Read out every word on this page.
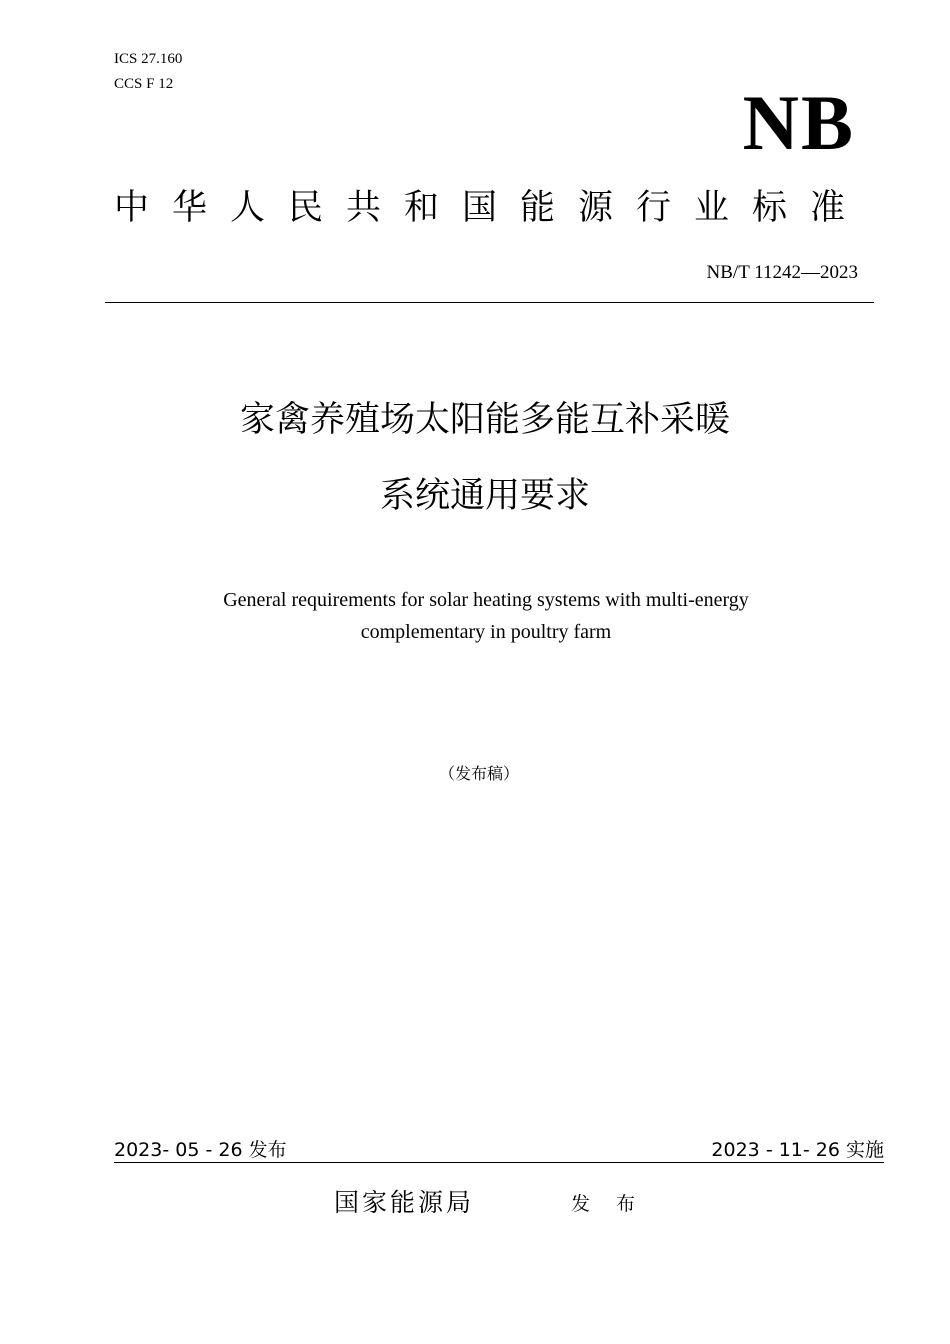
ICS 27.160
CCS F 12	NB
中华人民共和国能源行业标准
NB/T 11242—2023
家禽养殖场太阳能多能互补采暖
系统通用要求
General requirements for solar heating systems with multi-energy
complementary in poultry farm
（发布稿）
2023- 05 - 26 发布	2023 - 11- 26 实施
国家能源局	发 布
